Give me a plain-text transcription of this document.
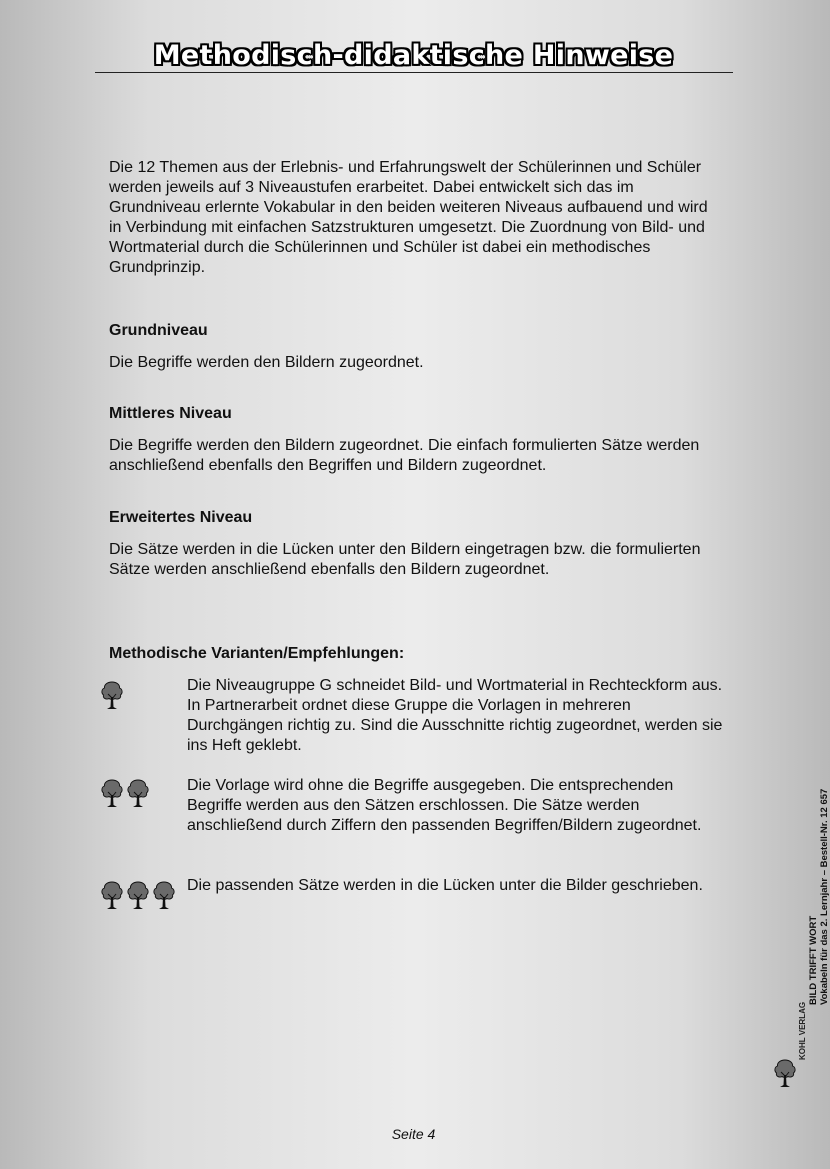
Methodisch-didaktische Hinweise

Die 12 Themen aus der Erlebnis- und Erfahrungswelt der Schülerinnen und Schüler werden jeweils auf 3 Niveaustufen erarbeitet. Dabei entwickelt sich das im Grundniveau erlernte Vokabular in den beiden weiteren Niveaus aufbauend und wird in Verbindung mit einfachen Satzstrukturen umgesetzt. Die Zuordnung von Bild- und Wortmaterial durch die Schülerinnen und Schüler ist dabei ein methodisches Grundprinzip.

Grundniveau

Die Begriffe werden den Bildern zugeordnet.

Mittleres Niveau

Die Begriffe werden den Bildern zugeordnet. Die einfach formulierten Sätze werden anschließend ebenfalls den Begriffen und Bildern zugeordnet.

Erweitertes Niveau

Die Sätze werden in die Lücken unter den Bildern eingetragen bzw. die formulierten Sätze werden anschließend ebenfalls den Bildern zugeordnet.

Methodische Varianten/Empfehlungen:

Die Niveaugruppe G schneidet Bild- und Wortmaterial in Rechteckform aus. In Partnerarbeit ordnet diese Gruppe die Vorlagen in mehreren Durchgängen richtig zu. Sind die Ausschnitte richtig zugeordnet, werden sie ins Heft geklebt.

Die Vorlage wird ohne die Begriffe ausgegeben. Die entsprechenden Begriffe werden aus den Sätzen erschlossen. Die Sätze werden anschließend durch Ziffern den passenden Begriffen/Bildern zugeordnet.

Die passenden Sätze werden in die Lücken unter die Bilder geschrieben.

BILD TRIFFT WORT Vokabeln für das 2. Lernjahr – Bestell-Nr. 12 657
KOHL VERLAG
Seite 4
